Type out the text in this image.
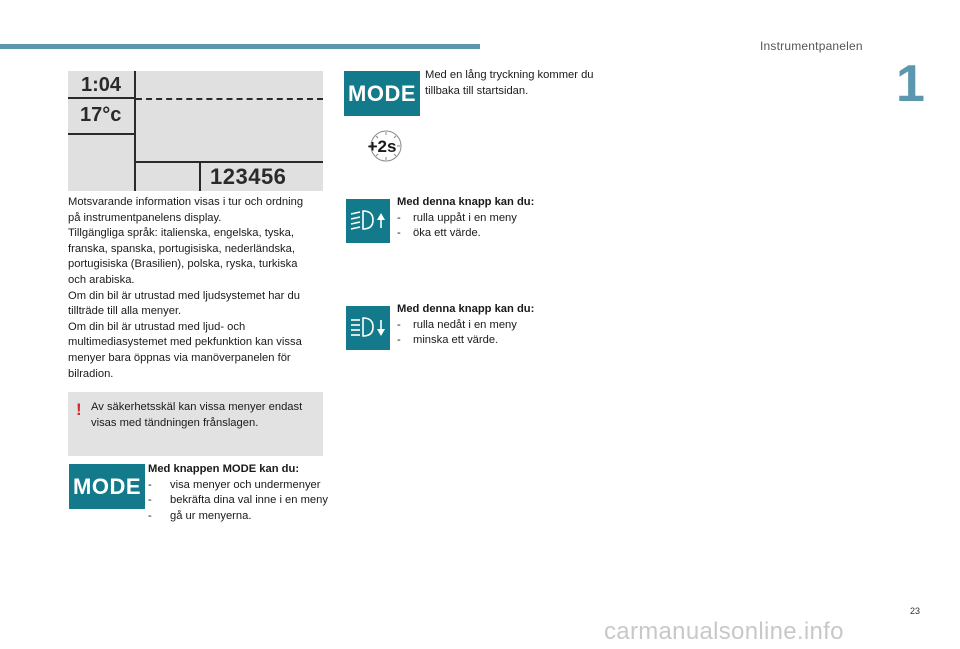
Instrumentpanelen
1
1:04
17°c
123456
Motsvarande information visas i tur och ordning
på instrumentpanelens display.
Tillgängliga språk: italienska, engelska, tyska,
franska, spanska, portugisiska, nederländska,
portugisiska (Brasilien), polska, ryska, turkiska
och arabiska.
Om din bil är utrustad med ljudsystemet har du
tillträde till alla menyer.
Om din bil är utrustad med ljud- och
multimediasystemet med pekfunktion kan vissa
menyer bara öppnas via manöverpanelen för
bilradion.
! Av säkerhetsskäl kan vissa menyer endast visas med tändningen frånslagen.
MODE
Med knappen MODE kan du:
-	visa menyer och undermenyer
-	bekräfta dina val inne i en meny
-	gå ur menyerna.
MODE
Med en lång tryckning kommer du tillbaka till startsidan.
+2s
Med denna knapp kan du:
-	rulla uppåt i en meny
-	öka ett värde.
Med denna knapp kan du:
-	rulla nedåt i en meny
-	minska ett värde.
23
carmanualsonline.info
